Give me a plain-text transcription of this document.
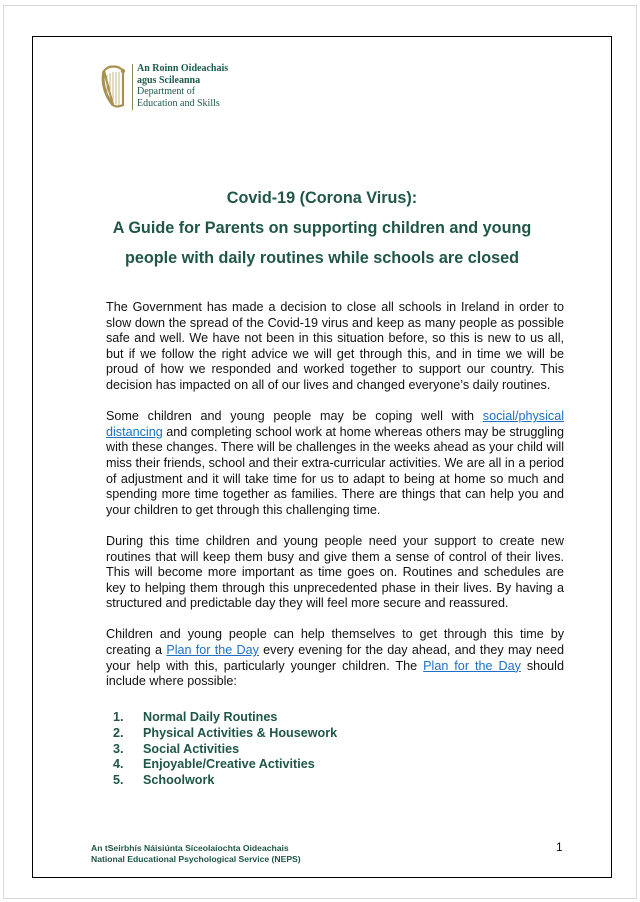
An Roinn Oideachais
agus Scileanna
Department of
Education and Skills
Covid-19 (Corona Virus):
A Guide for Parents on supporting children and young
people with daily routines while schools are closed

The Government has made a decision to close all schools in Ireland in order to slow down the spread of the Covid-19 virus and keep as many people as possible safe and well. We have not been in this situation before, so this is new to us all, but if we follow the right advice we will get through this, and in time we will be proud of how we responded and worked together to support our country. This decision has impacted on all of our lives and changed everyone’s daily routines.

Some children and young people may be coping well with social/physical distancing and completing school work at home whereas others may be struggling with these changes. There will be challenges in the weeks ahead as your child will miss their friends, school and their extra-curricular activities. We are all in a period of adjustment and it will take time for us to adapt to being at home so much and spending more time together as families. There are things that can help you and your children to get through this challenging time.

During this time children and young people need your support to create new routines that will keep them busy and give them a sense of control of their lives. This will become more important as time goes on. Routines and schedules are key to helping them through this unprecedented phase in their lives. By having a structured and predictable day they will feel more secure and reassured.

Children and young people can help themselves to get through this time by creating a Plan for the Day every evening for the day ahead, and they may need your help with this, particularly younger children. The Plan for the Day should include where possible:

1.	Normal Daily Routines
2.	Physical Activities & Housework
3.	Social Activities
4.	Enjoyable/Creative Activities
5.	Schoolwork
An tSeirbhís Náisiúnta Síceolaíochta Oideachais
National Educational Psychological Service (NEPS)
1
